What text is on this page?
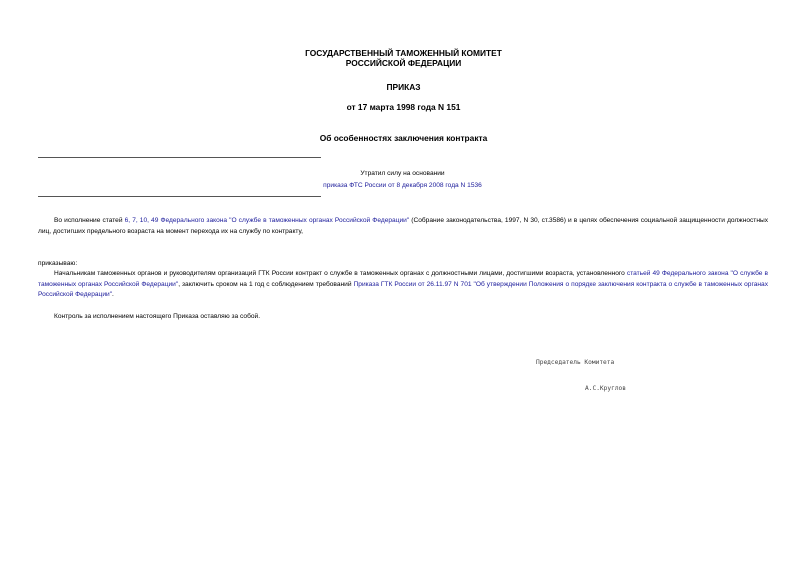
ГОСУДАРСТВЕННЫЙ ТАМОЖЕННЫЙ КОМИТЕТ
РОССИЙСКОЙ ФЕДЕРАЦИИ
ПРИКАЗ
от 17 марта 1998 года N 151
Об особенностях заключения контракта
Утратил силу на основании
приказа ФТС России от 8 декабря 2008 года N 1536

Во исполнение статей 6, 7, 10, 49 Федерального закона "О службе в таможенных органах Российской Федерации" (Собрание законодательства, 1997, N 30, ст.3586) и в целях обеспечения социальной защищенности должностных лиц, достигших предельного возраста на момент перехода их на службу по контракту,

приказываю:

Начальникам таможенных органов и руководителям организаций ГТК России контракт о службе в таможенных органах с должностными лицами, достигшими возраста, установленного статьей 49 Федерального закона "О службе в таможенных органах Российской Федерации", заключить сроком на 1 год с соблюдением требований Приказа ГТК России от 26.11.97 N 701 "Об утверждении Положения о порядке заключения контракта о службе в таможенных органах Российской Федерации".

Контроль за исполнением настоящего Приказа оставляю за собой.

Председатель Комитета

А.С.Круглов
